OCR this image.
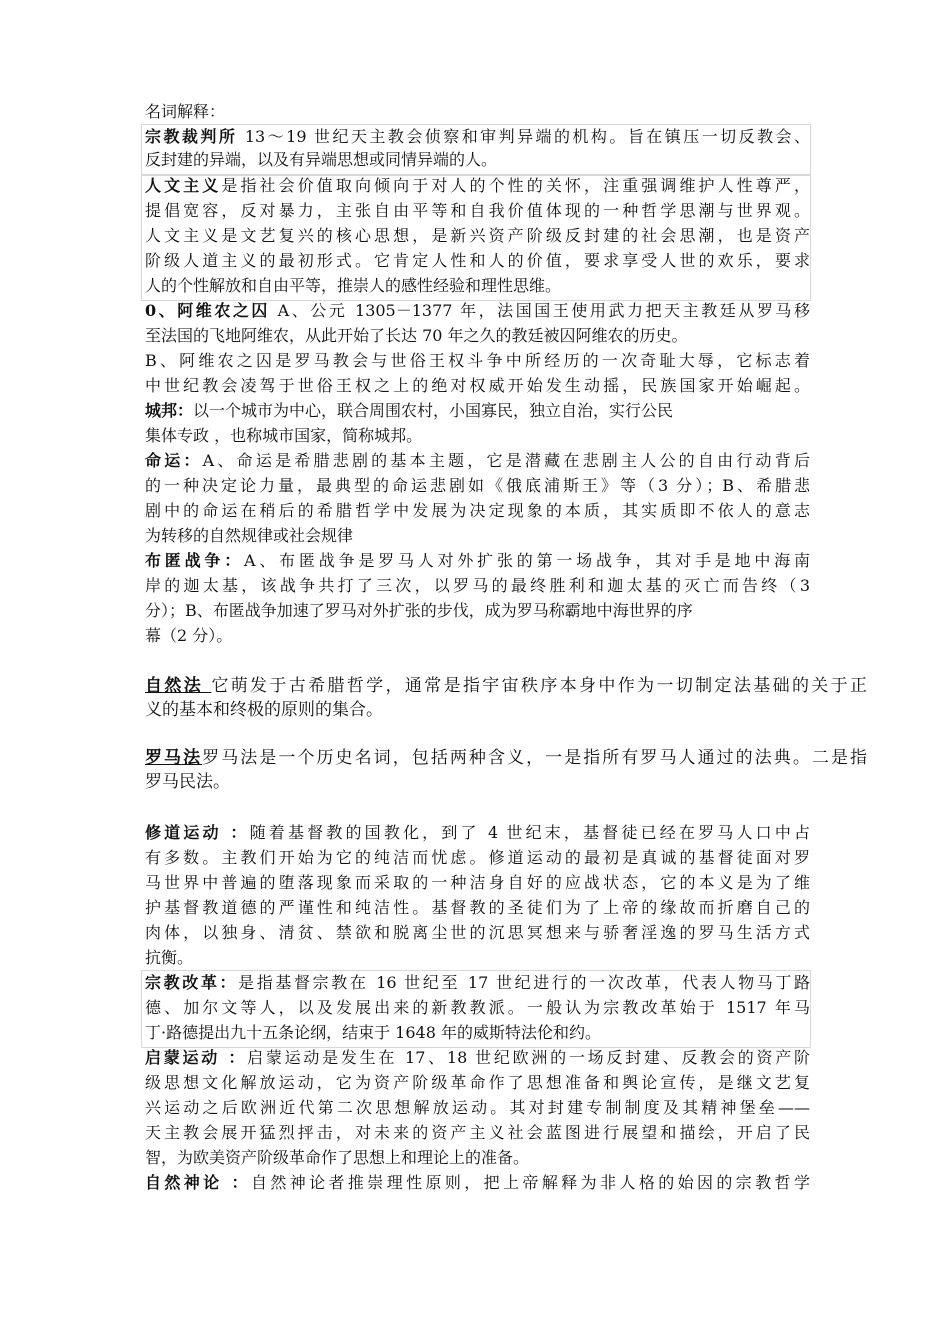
名词解释：
宗教裁判所 13～19 世纪天主教会侦察和审判异端的机构。旨在镇压一切反教会、
反封建的异端，以及有异端思想或同情异端的人。
人文主义是指社会价值取向倾向于对人的个性的关怀，注重强调维护人性尊严，
提倡宽容，反对暴力，主张自由平等和自我价值体现的一种哲学思潮与世界观。
人文主义是文艺复兴的核心思想，是新兴资产阶级反封建的社会思潮，也是资产
阶级人道主义的最初形式。它肯定人性和人的价值，要求享受人世的欢乐，要求
人的个性解放和自由平等，推崇人的感性经验和理性思维。
0、阿维农之囚 A、公元 1305－1377 年，法国国王使用武力把天主教廷从罗马移
至法国的飞地阿维农，从此开始了长达 70 年之久的教廷被囚阿维农的历史。
B、阿维农之囚是罗马教会与世俗王权斗争中所经历的一次奇耻大辱，它标志着
中世纪教会凌驾于世俗王权之上的绝对权威开始发生动摇，民族国家开始崛起。
城邦：以一个城市为中心，联合周围农村，小国寡民，独立自治，实行公民
集体专政 ，也称城市国家，简称城邦。
命运：A、命运是希腊悲剧的基本主题，它是潜藏在悲剧主人公的自由行动背后
的一种决定论力量，最典型的命运悲剧如《俄底浦斯王》等（3 分）；B、希腊悲
剧中的命运在稍后的希腊哲学中发展为决定现象的本质，其实质即不依人的意志
为转移的自然规律或社会规律
布匿战争：A、布匿战争是罗马人对外扩张的第一场战争，其对手是地中海南
岸的迦太基，该战争共打了三次，以罗马的最终胜利和迦太基的灭亡而告终（3
分）；B、布匿战争加速了罗马对外扩张的步伐，成为罗马称霸地中海世界的序
幕（2 分）。
自然法 它萌发于古希腊哲学，通常是指宇宙秩序本身中作为一切制定法基础的关于正
义的基本和终极的原则的集合。
罗马法罗马法是一个历史名词，包括两种含义，一是指所有罗马人通过的法典。二是指
罗马民法。
修道运动 ：随着基督教的国教化，到了 4 世纪末，基督徒已经在罗马人口中占
有多数。主教们开始为它的纯洁而忧虑。修道运动的最初是真诚的基督徒面对罗
马世界中普遍的堕落现象而采取的一种洁身自好的应战状态，它的本义是为了维
护基督教道德的严谨性和纯洁性。基督教的圣徒们为了上帝的缘故而折磨自己的
肉体，以独身、清贫、禁欲和脱离尘世的沉思冥想来与骄奢淫逸的罗马生活方式
抗衡。
宗教改革：是指基督宗教在 16 世纪至 17 世纪进行的一次改革，代表人物马丁路
德、加尔文等人，以及发展出来的新教教派。一般认为宗教改革始于 1517 年马
丁·路德提出九十五条论纲，结束于 1648 年的威斯特法伦和约。
启蒙运动 ：启蒙运动是发生在 17、18 世纪欧洲的一场反封建、反教会的资产阶
级思想文化解放运动，它为资产阶级革命作了思想准备和舆论宣传，是继文艺复
兴运动之后欧洲近代第二次思想解放运动。其对封建专制制度及其精神堡垒——
天主教会展开猛烈抨击，对未来的资产主义社会蓝图进行展望和描绘，开启了民
智，为欧美资产阶级革命作了思想上和理论上的准备。
自然神论 ：自然神论者推崇理性原则，把上帝解释为非人格的始因的宗教哲学
